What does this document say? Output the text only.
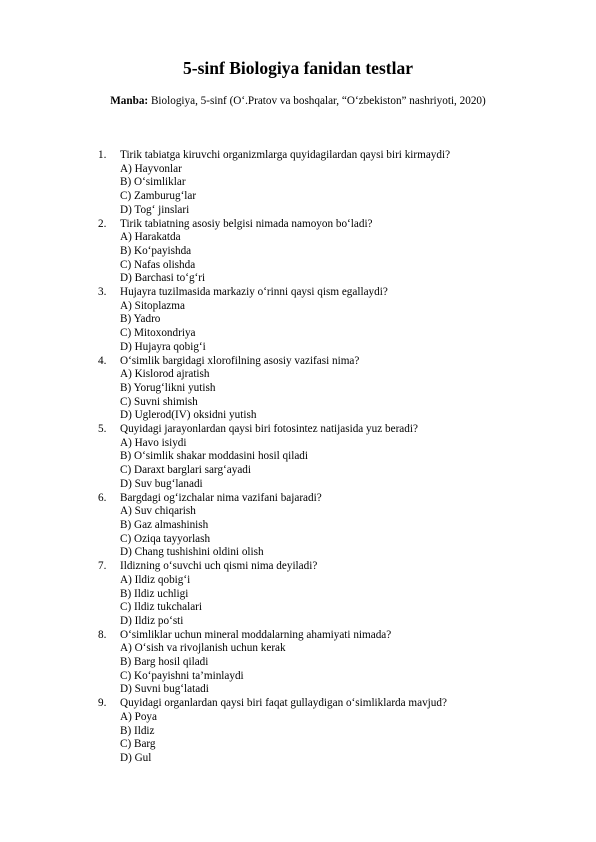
5-sinf Biologiya fanidan testlar
Manba: Biologiya, 5-sinf (O‘.Pratov va boshqalar, “O‘zbekiston” nashriyoti, 2020)
1.	Tirik tabiatga kiruvchi organizmlarga quyidagilardan qaysi biri kirmaydi?
A) Hayvonlar
B) O‘simliklar
C) Zamburug‘lar
D) Tog‘ jinslari
2.	Tirik tabiatning asosiy belgisi nimada namoyon bo‘ladi?
A) Harakatda
B) Ko‘payishda
C) Nafas olishda
D) Barchasi to‘g‘ri
3.	Hujayra tuzilmasida markaziy o‘rinni qaysi qism egallaydi?
A) Sitoplazma
B) Yadro
C) Mitoxondriya
D) Hujayra qobig‘i
4.	O‘simlik bargidagi xlorofilning asosiy vazifasi nima?
A) Kislorod ajratish
B) Yorug‘likni yutish
C) Suvni shimish
D) Uglerod(IV) oksidni yutish
5.	Quyidagi jarayonlardan qaysi biri fotosintez natijasida yuz beradi?
A) Havo isiydi
B) O‘simlik shakar moddasini hosil qiladi
C) Daraxt barglari sarg‘ayadi
D) Suv bug‘lanadi
6.	Bargdagi og‘izchalar nima vazifani bajaradi?
A) Suv chiqarish
B) Gaz almashinish
C) Oziqa tayyorlash
D) Chang tushishini oldini olish
7.	Ildizning o‘suvchi uch qismi nima deyiladi?
A) Ildiz qobig‘i
B) Ildiz uchligi
C) Ildiz tukchalari
D) Ildiz po‘sti
8.	O‘simliklar uchun mineral moddalarning ahamiyati nimada?
A) O‘sish va rivojlanish uchun kerak
B) Barg hosil qiladi
C) Ko‘payishni ta’minlaydi
D) Suvni bug‘latadi
9.	Quyidagi organlardan qaysi biri faqat gullaydigan o‘simliklarda mavjud?
A) Poya
B) Ildiz
C) Barg
D) Gul
